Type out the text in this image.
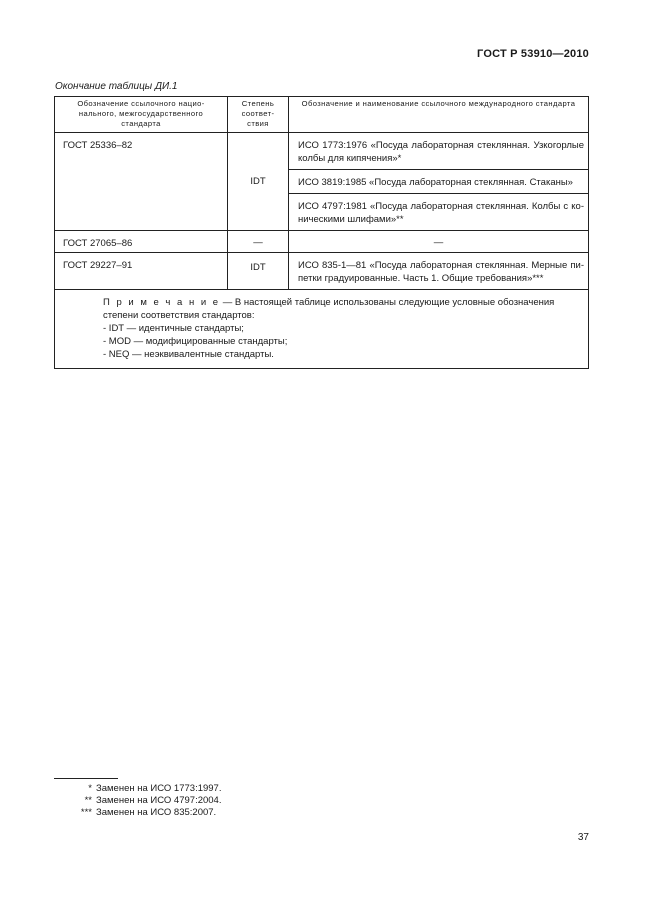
ГОСТ Р 53910—2010
Окончание таблицы ДИ.1
Обозначение ссылочного нацио-нального, межгосударственного стандарта	Степень соответ-ствия	Обозначение и наименование ссылочного международного стандарта
ГОСТ 25336–82	IDT	ИСО 1773:1976 «Посуда лабораторная стеклянная. Узкогорлые колбы для кипячения»*
		ИСО 3819:1985 «Посуда лабораторная стеклянная. Стаканы»
		ИСО 4797:1981 «Посуда лабораторная стеклянная. Колбы с ко-ническими шлифами»**
ГОСТ 27065–86	—	—
ГОСТ 29227–91	IDT	ИСО 835-1—81 «Посуда лабораторная стеклянная. Мерные пи-петки градуированные. Часть 1. Общие требования»***

П р и м е ч а н и е — В настоящей таблице использованы следующие условные обозначения степени соответствия стандартов:
- IDT — идентичные стандарты;
- MOD — модифицированные стандарты;
- NEQ — неэквивалентные стандарты.		
* Заменен на ИСО 1773:1997.
** Заменен на ИСО 4797:2004.
*** Заменен на ИСО 835:2007.
37
